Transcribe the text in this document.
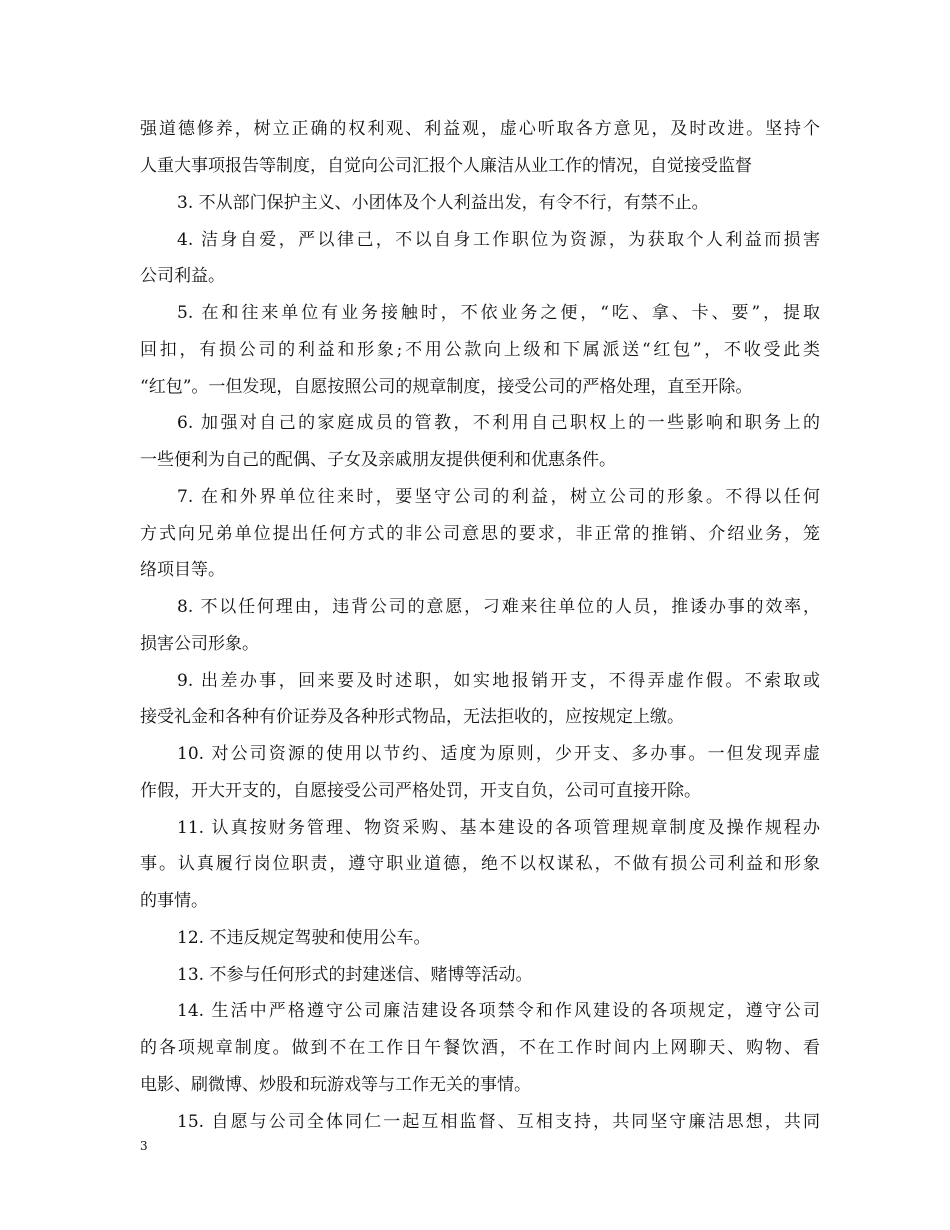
强道德修养，树立正确的权利观、利益观，虚心听取各方意见，及时改进。坚持个
人重大事项报告等制度，自觉向公司汇报个人廉洁从业工作的情况，自觉接受监督
3. 不从部门保护主义、小团体及个人利益出发，有令不行，有禁不止。
4. 洁身自爱，严以律己，不以自身工作职位为资源，为获取个人利益而损害
公司利益。
5. 在和往来单位有业务接触时，不依业务之便，“吃、拿、卡、要”，提取
回扣，有损公司的利益和形象;不用公款向上级和下属派送“红包”，不收受此类
“红包”。一但发现，自愿按照公司的规章制度，接受公司的严格处理，直至开除。
6. 加强对自己的家庭成员的管教，不利用自己职权上的一些影响和职务上的
一些便利为自己的配偶、子女及亲戚朋友提供便利和优惠条件。
7. 在和外界单位往来时，要坚守公司的利益，树立公司的形象。不得以任何
方式向兄弟单位提出任何方式的非公司意思的要求，非正常的推销、介绍业务，笼
络项目等。
8. 不以任何理由，违背公司的意愿，刁难来往单位的人员，推诿办事的效率，
损害公司形象。
9. 出差办事，回来要及时述职，如实地报销开支，不得弄虚作假。不索取或
接受礼金和各种有价证券及各种形式物品，无法拒收的，应按规定上缴。
10. 对公司资源的使用以节约、适度为原则，少开支、多办事。一但发现弄虚
作假，开大开支的，自愿接受公司严格处罚，开支自负，公司可直接开除。
11. 认真按财务管理、物资采购、基本建设的各项管理规章制度及操作规程办
事。认真履行岗位职责，遵守职业道德，绝不以权谋私，不做有损公司利益和形象
的事情。
12. 不违反规定驾驶和使用公车。
13. 不参与任何形式的封建迷信、赌博等活动。
14. 生活中严格遵守公司廉洁建设各项禁令和作风建设的各项规定，遵守公司
的各项规章制度。做到不在工作日午餐饮酒，不在工作时间内上网聊天、购物、看
电影、刷微博、炒股和玩游戏等与工作无关的事情。
15. 自愿与公司全体同仁一起互相监督、互相支持，共同坚守廉洁思想，共同
3
